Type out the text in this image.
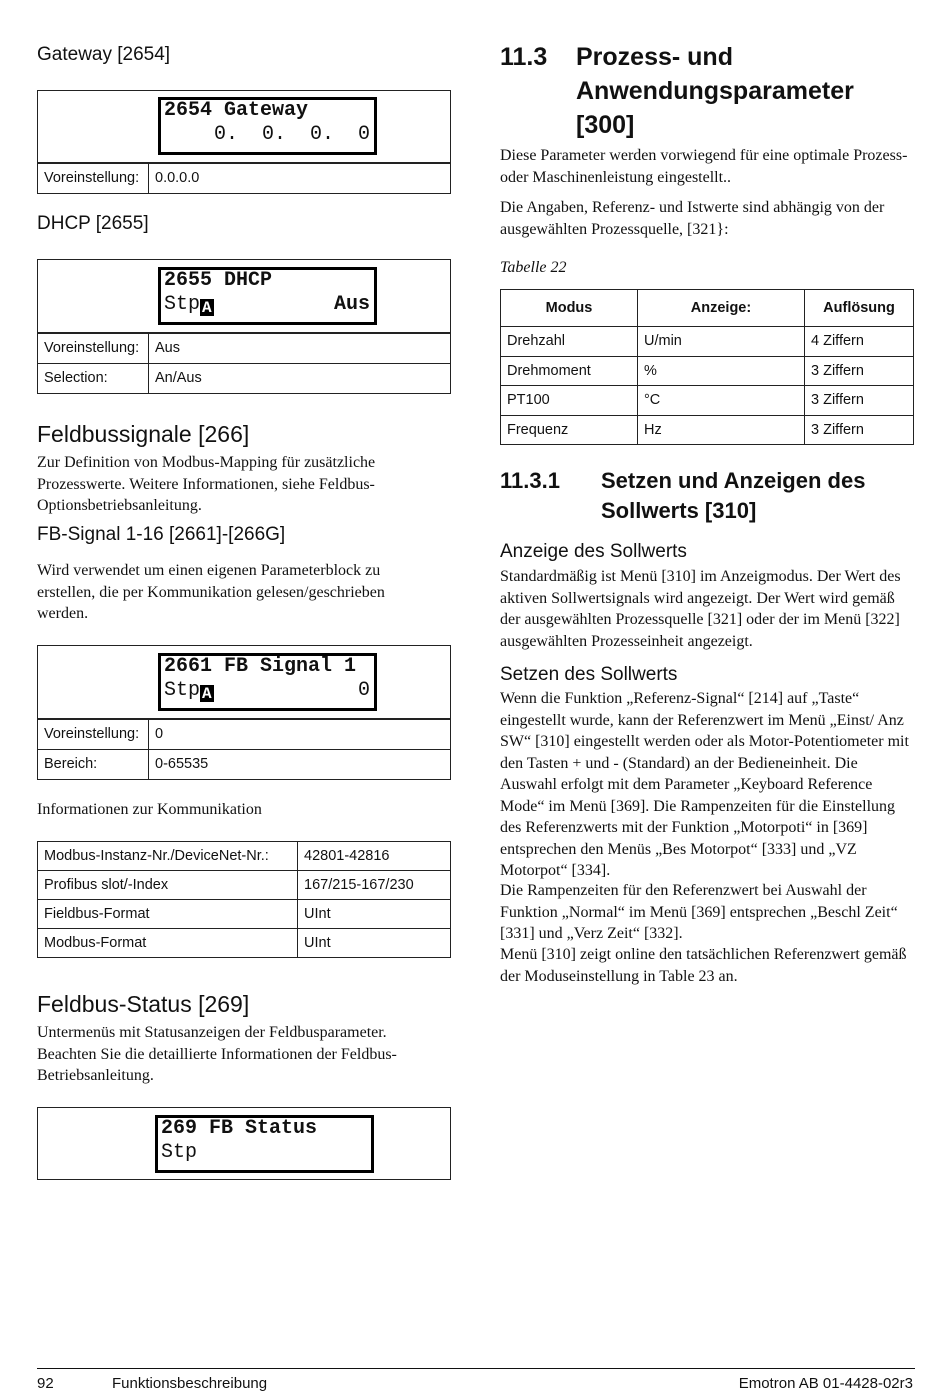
Gateway [2654]
2654 Gateway
0.  0.  0.  0
Voreinstellung:	0.0.0.0
DHCP [2655]
2655 DHCP
Stp A	Aus
Voreinstellung:	Aus
Selection:	An/Aus
Feldbussignale [266]

Zur Definition von Modbus-Mapping für zusätzliche Prozesswerte. Weitere Informationen, siehe Feldbus-Optionsbetriebsanleitung.

FB-Signal 1-16 [2661]-[266G]

Wird verwendet um einen eigenen Parameterblock zu erstellen, die per Kommunikation gelesen/geschrieben werden.

2661 FB Signal 1
Stp A	0
Voreinstellung:	0
Bereich:	0-65535

Informationen zur Kommunikation

Modbus-Instanz-Nr./DeviceNet-Nr.:	42801-42816
Profibus slot/-Index	167/215-167/230
Fieldbus-Format	UInt
Modbus-Format	UInt
Feldbus-Status [269]

Untermenüs mit Statusanzeigen der Feldbusparameter. Beachten Sie die detaillierte Informationen der Feldbus-Betriebsanleitung.

269 FB Status
Stp
11.3 Prozess- und
Anwendungsparameter
[300]

Diese Parameter werden vorwiegend für eine optimale Prozess- oder Maschinenleistung eingestellt..

Die Angaben, Referenz- und Istwerte sind abhängig von der ausgewählten Prozessquelle, [321}:

Tabelle 22

Modus	Anzeige:	Auflösung
Drehzahl	U/min	4 Ziffern
Drehmoment	%	3 Ziffern
PT100	°C	3 Ziffern
Frequenz	Hz	3 Ziffern
11.3.1 Setzen und Anzeigen des
Sollwerts [310]
Anzeige des Sollwerts

Standardmäßig ist Menü [310] im Anzeigmodus. Der Wert des aktiven Sollwertsignals wird angezeigt. Der Wert wird gemäß der ausgewählten Prozessquelle [321] oder der im Menü [322] ausgewählten Prozesseinheit angezeigt.

Setzen des Sollwerts

Wenn die Funktion „Referenz-Signal“ [214] auf „Taste“ eingestellt wurde, kann der Referenzwert im Menü „Einst/ Anz SW“ [310] eingestellt werden oder als Motor-Potentiometer mit den Tasten + und - (Standard) an der Bedieneinheit. Die Auswahl erfolgt mit dem Parameter „Keyboard Reference Mode“ im Menü [369]. Die Rampenzeiten für die Einstellung des Referenzwerts mit der Funktion „Motorpoti“ in [369] entsprechen den Menüs „Bes Motorpot“ [333] und „VZ Motorpot“ [334].

Die Rampenzeiten für den Referenzwert bei Auswahl der Funktion „Normal“ im Menü [369] entsprechen „Beschl Zeit“ [331] und „Verz Zeit“ [332].

Menü [310] zeigt online den tatsächlichen Referenzwert gemäß der Moduseinstellung in Table 23 an.

92	Funktionsbeschreibung	Emotron AB 01-4428-02r3
